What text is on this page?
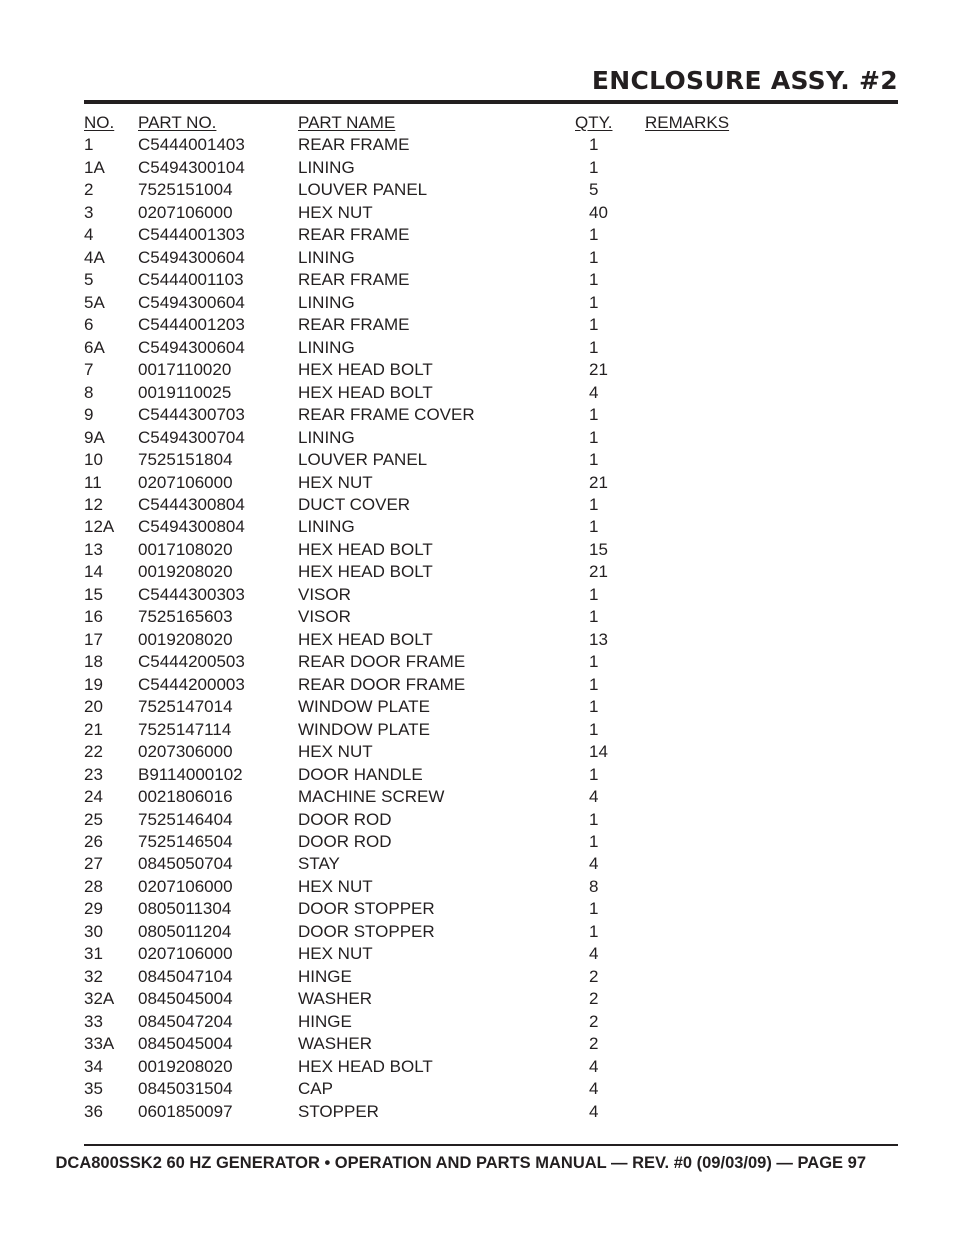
ENCLOSURE ASSY. #2
NO. PART NO.	PART NAME	QTY. REMARKS
1	C5444001403	REAR FRAME	1
1A C5494300104	LINING	1
2	7525151004	LOUVER PANEL	5
3	0207106000	HEX NUT	40
4	C5444001303	REAR FRAME	1
4A C5494300604	LINING	1
5	C5444001103	REAR FRAME	1
5A C5494300604	LINING	1
6	C5444001203	REAR FRAME	1
6A C5494300604	LINING	1
7	0017110020	HEX HEAD BOLT	21
8	0019110025	HEX HEAD BOLT	4
9	C5444300703	REAR FRAME COVER	1
9A C5494300704	LINING	1
10 7525151804	LOUVER PANEL	1
11 0207106000	HEX NUT	21
12 C5444300804	DUCT COVER	1
12A C5494300804	LINING	1
13 0017108020	HEX HEAD BOLT	15
14 0019208020	HEX HEAD BOLT	21
15 C5444300303	VISOR	1
16 7525165603	VISOR	1
17 0019208020	HEX HEAD BOLT	13
18 C5444200503	REAR DOOR FRAME	1
19 C5444200003	REAR DOOR FRAME	1
20 7525147014	WINDOW PLATE	1
21 7525147114	WINDOW PLATE	1
22 0207306000	HEX NUT	14
23 B9114000102	DOOR HANDLE	1
24 0021806016	MACHINE SCREW	4
25 7525146404	DOOR ROD	1
26 7525146504	DOOR ROD	1
27 0845050704	STAY	4
28 0207106000	HEX NUT	8
29 0805011304	DOOR STOPPER	1
30 0805011204	DOOR STOPPER	1
31 0207106000	HEX NUT	4
32 0845047104	HINGE	2
32A 0845045004	WASHER	2
33 0845047204	HINGE	2
33A 0845045004	WASHER	2
34 0019208020	HEX HEAD BOLT	4
35 0845031504	CAP	4
36 0601850097	STOPPER	4
DCA800SSK2 60 HZ GENERATOR • OPERATION AND PARTS MANUAL — REV. #0 (09/03/09) — PAGE 97
